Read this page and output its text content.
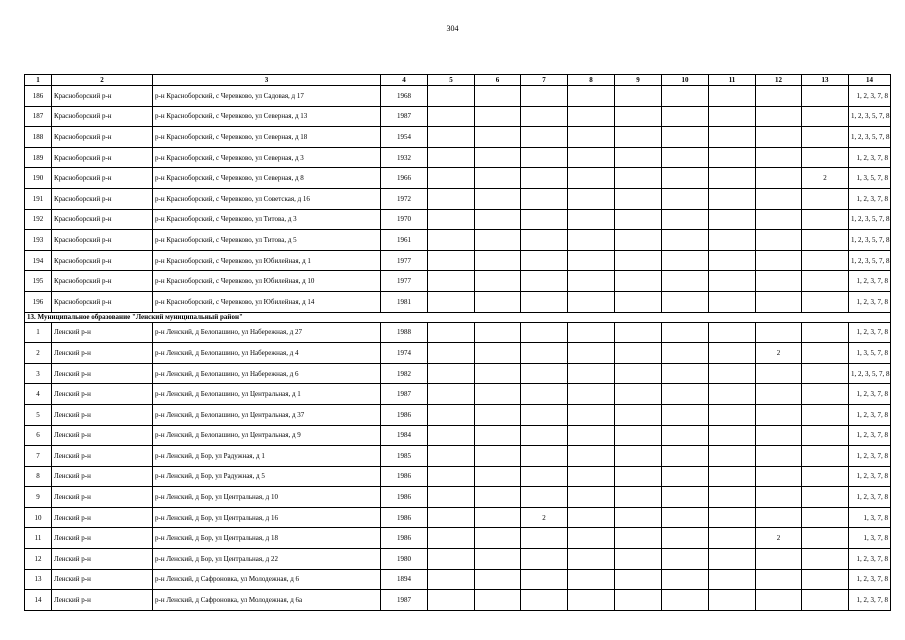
304
1	2	3	4	5	6	7	8	9	10	11	12	13	14
186	Красноборский р-н	р-н Красноборский, с Черевково, ул Садовая, д 17	1968										1, 2, 3, 7, 8
187	Красноборский р-н	р-н Красноборский, с Черевково, ул Северная, д 13	1987										1, 2, 3, 5, 7, 8
188	Красноборский р-н	р-н Красноборский, с Черевково, ул Северная, д 18	1954										1, 2, 3, 5, 7, 8
189	Красноборский р-н	р-н Красноборский, с Черевково, ул Северная, д 3	1932										1, 2, 3, 7, 8
190	Красноборский р-н	р-н Красноборский, с Черевково, ул Северная, д 8	1966									2	1, 3, 5, 7, 8
191	Красноборский р-н	р-н Красноборский, с Черевково, ул Советская, д 16	1972										1, 2, 3, 7, 8
192	Красноборский р-н	р-н Красноборский, с Черевково, ул Титова, д 3	1970										1, 2, 3, 5, 7, 8
193	Красноборский р-н	р-н Красноборский, с Черевково, ул Титова, д 5	1961										1, 2, 3, 5, 7, 8
194	Красноборский р-н	р-н Красноборский, с Черевково, ул Юбилейная, д 1	1977										1, 2, 3, 5, 7, 8
195	Красноборский р-н	р-н Красноборский, с Черевково, ул Юбилейная, д 10	1977										1, 2, 3, 7, 8
196	Красноборский р-н	р-н Красноборский, с Черевково, ул Юбилейная, д 14	1981										1, 2, 3, 7, 8
13. Муниципальное образование "Ленский муниципальный район"													
1	Ленский р-н	р-н Ленский, д Белопашино, ул Набережная, д 27	1988										1, 2, 3, 7, 8
2	Ленский р-н	р-н Ленский, д Белопашино, ул Набережная, д 4	1974								2		1, 3, 5, 7, 8
3	Ленский р-н	р-н Ленский, д Белопашино, ул Набережная, д 6	1982										1, 2, 3, 5, 7, 8
4	Ленский р-н	р-н Ленский, д Белопашино, ул Центральная, д 1	1987										1, 2, 3, 7, 8
5	Ленский р-н	р-н Ленский, д Белопашино, ул Центральная, д 37	1986										1, 2, 3, 7, 8
6	Ленский р-н	р-н Ленский, д Белопашино, ул Центральная, д 9	1984										1, 2, 3, 7, 8
7	Ленский р-н	р-н Ленский, д Бор, ул Радужная, д 1	1985										1, 2, 3, 7, 8
8	Ленский р-н	р-н Ленский, д Бор, ул Радужная, д 5	1986										1, 2, 3, 7, 8
9	Ленский р-н	р-н Ленский, д Бор, ул Центральная, д 10	1986										1, 2, 3, 7, 8
10	Ленский р-н	р-н Ленский, д Бор, ул Центральная, д 16	1986			2							1, 3, 7, 8
11	Ленский р-н	р-н Ленский, д Бор, ул Центральная, д 18	1986								2		1, 3, 7, 8
12	Ленский р-н	р-н Ленский, д Бор, ул Центральная, д 22	1980										1, 2, 3, 7, 8
13	Ленский р-н	р-н Ленский, д Сафроновка, ул Молодежная, д 6	1894										1, 2, 3, 7, 8
14	Ленский р-н	р-н Ленский, д Сафроновка, ул Молодежная, д 6а	1987										1, 2, 3, 7, 8
